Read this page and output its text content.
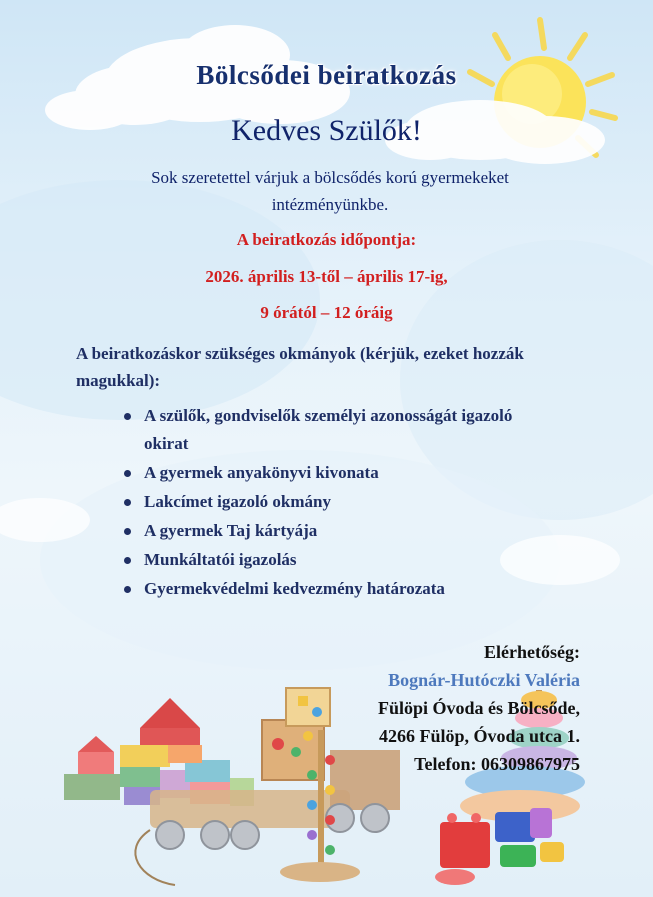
Bölcsődei beiratkozás
Kedves Szülők!
Sok szeretettel várjuk a bölcsődés korú gyermekeket
intézményünkbe.
A beiratkozás időpontja:
2026. április 13-től – április 17-ig,
9 órától – 12 óráig
A beiratkozáskor szükséges okmányok (kérjük, ezeket hozzák magukkal):
A szülők, gondviselők személyi azonosságát igazoló okirat
A gyermek anyakönyvi kivonata
Lakcímet igazoló okmány
A gyermek Taj kártyája
Munkáltatói igazolás
Gyermekvédelmi kedvezmény határozata
Elérhetőség:
Bognár-Hutóczki Valéria
Fülöpi Óvoda és Bölcsőde,
4266 Fülöp, Óvoda utca 1.
Telefon: 06309867975
